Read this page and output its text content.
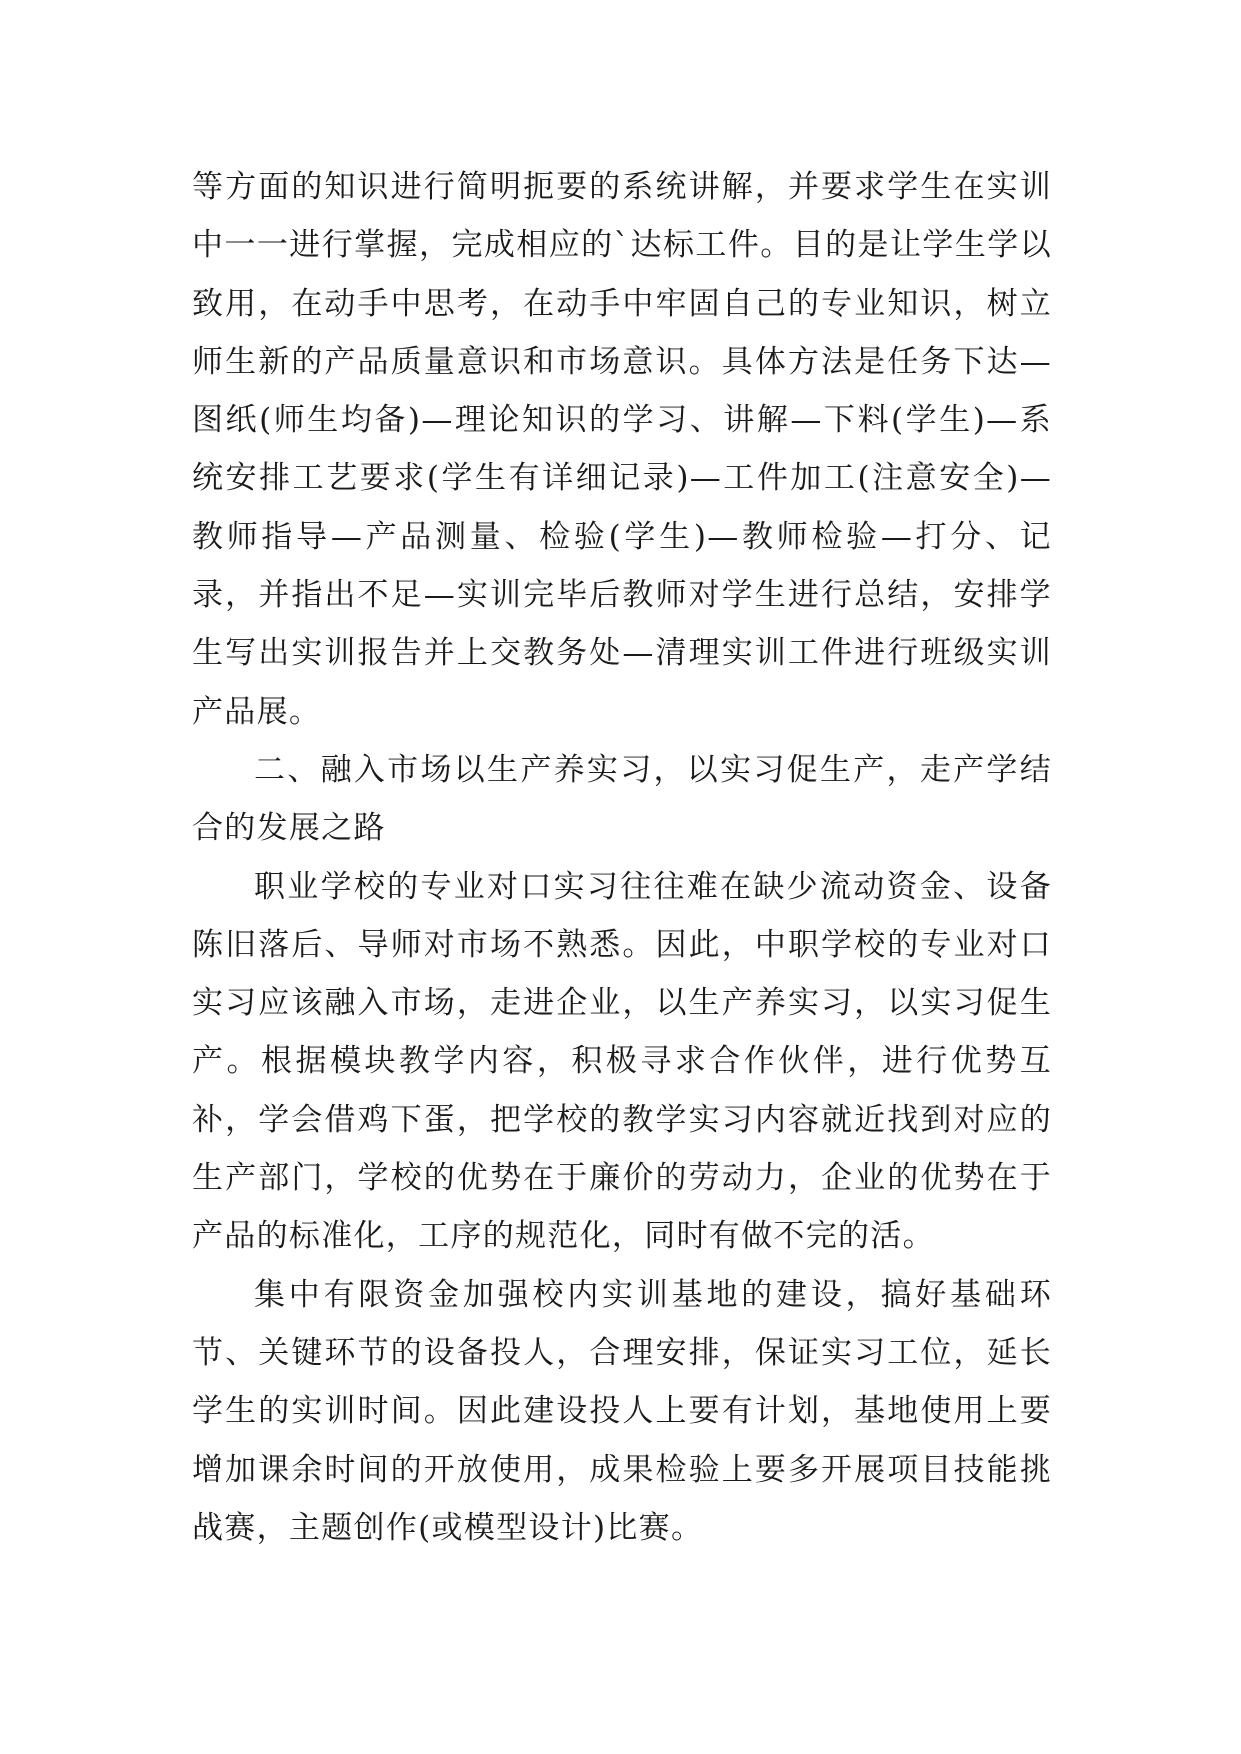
等方面的知识进行简明扼要的系统讲解，并要求学生在实训中一一进行掌握，完成相应的`达标工件。目的是让学生学以致用，在动手中思考，在动手中牢固自己的专业知识，树立师生新的产品质量意识和市场意识。具体方法是任务下达—图纸(师生均备)—理论知识的学习、讲解—下料(学生)—系统安排工艺要求(学生有详细记录)—工件加工(注意安全)—教师指导—产品测量、检验(学生)—教师检验—打分、记录，并指出不足—实训完毕后教师对学生进行总结，安排学生写出实训报告并上交教务处—清理实训工件进行班级实训产品展。

二、融入市场以生产养实习，以实习促生产，走产学结合的发展之路

职业学校的专业对口实习往往难在缺少流动资金、设备陈旧落后、导师对市场不熟悉。因此，中职学校的专业对口实习应该融入市场，走进企业，以生产养实习，以实习促生产。根据模块教学内容，积极寻求合作伙伴，进行优势互补，学会借鸡下蛋，把学校的教学实习内容就近找到对应的生产部门，学校的优势在于廉价的劳动力，企业的优势在于产品的标准化，工序的规范化，同时有做不完的活。

集中有限资金加强校内实训基地的建设，搞好基础环节、关键环节的设备投人，合理安排，保证实习工位，延长学生的实训时间。因此建设投人上要有计划，基地使用上要增加课余时间的开放使用，成果检验上要多开展项目技能挑战赛，主题创作(或模型设计)比赛。
